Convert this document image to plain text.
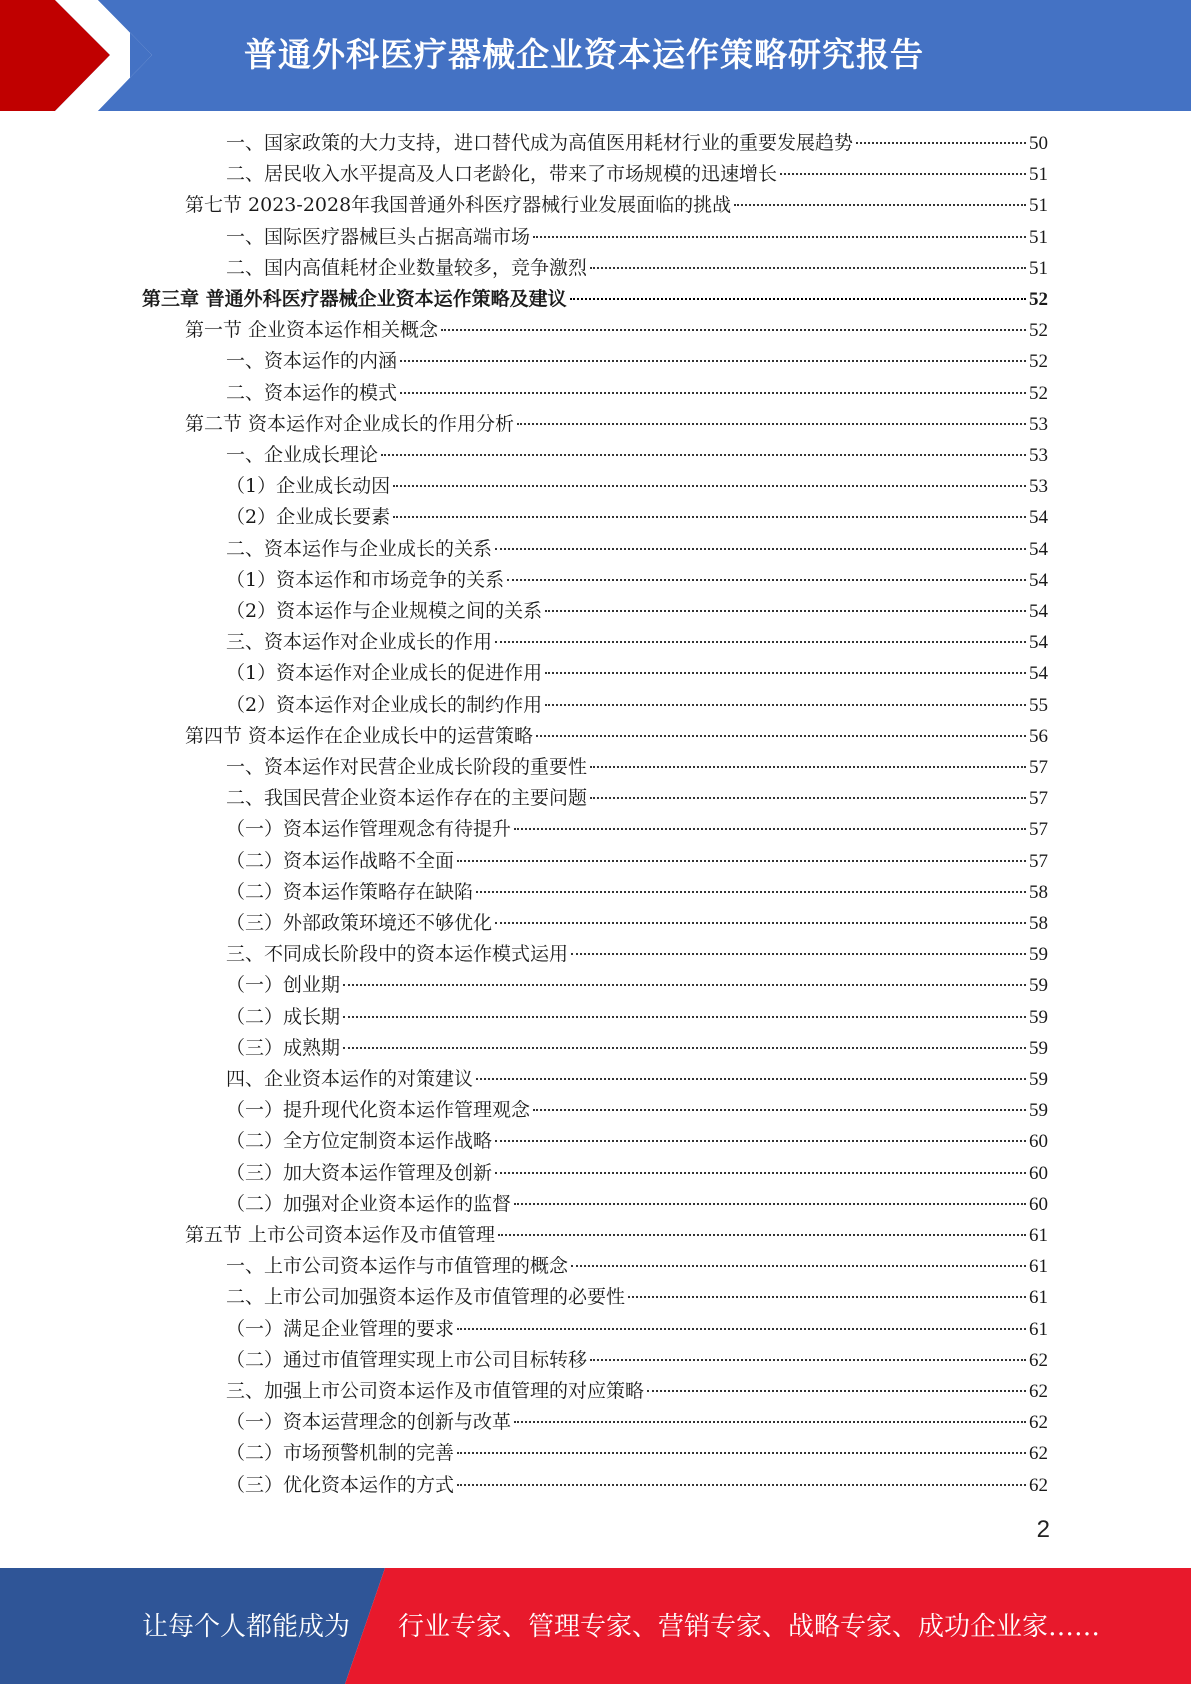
普通外科医疗器械企业资本运作策略研究报告
一、国家政策的大力支持，进口替代成为高值医用耗材行业的重要发展趋势	50
二、居民收入水平提高及人口老龄化，带来了市场规模的迅速增长	51
第七节 2023-2028年我国普通外科医疗器械行业发展面临的挑战	51
一、国际医疗器械巨头占据高端市场	51
二、国内高值耗材企业数量较多，竞争激烈	51
第三章 普通外科医疗器械企业资本运作策略及建议	52
第一节 企业资本运作相关概念	52
一、资本运作的内涵	52
二、资本运作的模式	52
第二节 资本运作对企业成长的作用分析	53
一、企业成长理论	53
（1）企业成长动因	53
（2）企业成长要素	54
二、资本运作与企业成长的关系	54
（1）资本运作和市场竞争的关系	54
（2）资本运作与企业规模之间的关系	54
三、资本运作对企业成长的作用	54
（1）资本运作对企业成长的促进作用	54
（2）资本运作对企业成长的制约作用	55
第四节 资本运作在企业成长中的运营策略	56
一、资本运作对民营企业成长阶段的重要性	57
二、我国民营企业资本运作存在的主要问题	57
（一）资本运作管理观念有待提升	57
（二）资本运作战略不全面	57
（二）资本运作策略存在缺陷	58
（三）外部政策环境还不够优化	58
三、不同成长阶段中的资本运作模式运用	59
（一）创业期	59
（二）成长期	59
（三）成熟期	59
四、企业资本运作的对策建议	59
（一）提升现代化资本运作管理观念	59
（二）全方位定制资本运作战略	60
（三）加大资本运作管理及创新	60
（二）加强对企业资本运作的监督	60
第五节 上市公司资本运作及市值管理	61
一、上市公司资本运作与市值管理的概念	61
二、上市公司加强资本运作及市值管理的必要性	61
（一）满足企业管理的要求	61
（二）通过市值管理实现上市公司目标转移	62
三、加强上市公司资本运作及市值管理的对应策略	62
（一）资本运营理念的创新与改革	62
（二）市场预警机制的完善	62
（三）优化资本运作的方式	62
2
让每个人都能成为 行业专家、管理专家、营销专家、战略专家、成功企业家……
